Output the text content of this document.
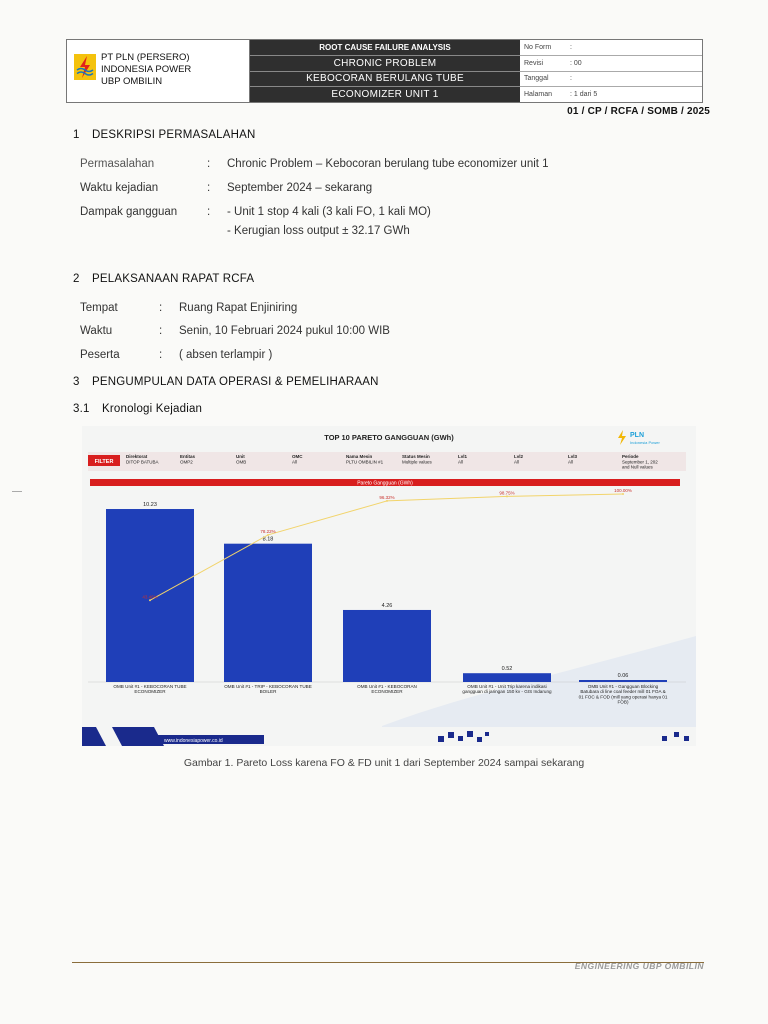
PT PLN (PERSERO)
INDONESIA POWER
UBP OMBILIN
ROOT CAUSE FAILURE ANALYSIS
CHRONIC PROBLEM
KEBOCORAN BERULANG TUBE
ECONOMIZER UNIT 1
No Form	:
Revisi	: 00
Tanggal	:
Halaman	: 1 dari 5
01 / CP / RCFA / SOMB / 2025
1 DESKRIPSI PERMASALAHAN
Permasalahan	: Chronic Problem – Kebocoran berulang tube economizer unit 1
Waktu kejadian	: September 2024 – sekarang
Dampak gangguan	: - Unit 1 stop 4 kali (3 kali FO, 1 kali MO)
- Kerugian loss output ± 32.17 GWh
2 PELAKSANAAN RAPAT RCFA
Tempat	: Ruang Rapat Enjiniring
Waktu	: Senin, 10 Februari 2024 pukul 10:00 WIB
Peserta	: ( absen terlampir )
3 PENGUMPULAN DATA OPERASI & PEMELIHARAAN
3.1 Kronologi Kejadian
TOP 10 PARETO GANGGUAN (GWh)	PLN
Indonesia Power
FILTER
Direktorat
DITOP BATUBA
Entitas
OMP2
Unit
OMB
OMC
All
Nama Mesin
PLTU OMBILIN #1
Status Mesin
Multiple values
Lvl1
All
Lvl2
All
Lvl3
All
Periode
September 1, 202 and Null values
Pareto Gangguan (GWh)
10.23
8.18
4.26
0.52
0.06
43.46%
78.22%
96.32%
98.75%	100.00%
OMB Unit #1 - KEBOCORAN TUBE ECONOMIZER
OMB Unit #1 - TRIP - KEBOCORAN TUBE BOILER
OMB Unit #1 - KEBOCORAN ECONOMIZER
OMB Unit #1 - Unit Trip karena indikasi gangguan di jaringan 150 kv - GIS Indarung
OMB Unit #1 - Gangguan Blocking Batubara di line coal feeder mill 01 FOA & 01 FOC & FOD (mill yang operasi hanya 01 FOB)
www.indonesiapower.co.id
Gambar 1. Pareto Loss karena FO & FD unit 1 dari September 2024 sampai sekarang
ENGINEERING UBP OMBILIN
